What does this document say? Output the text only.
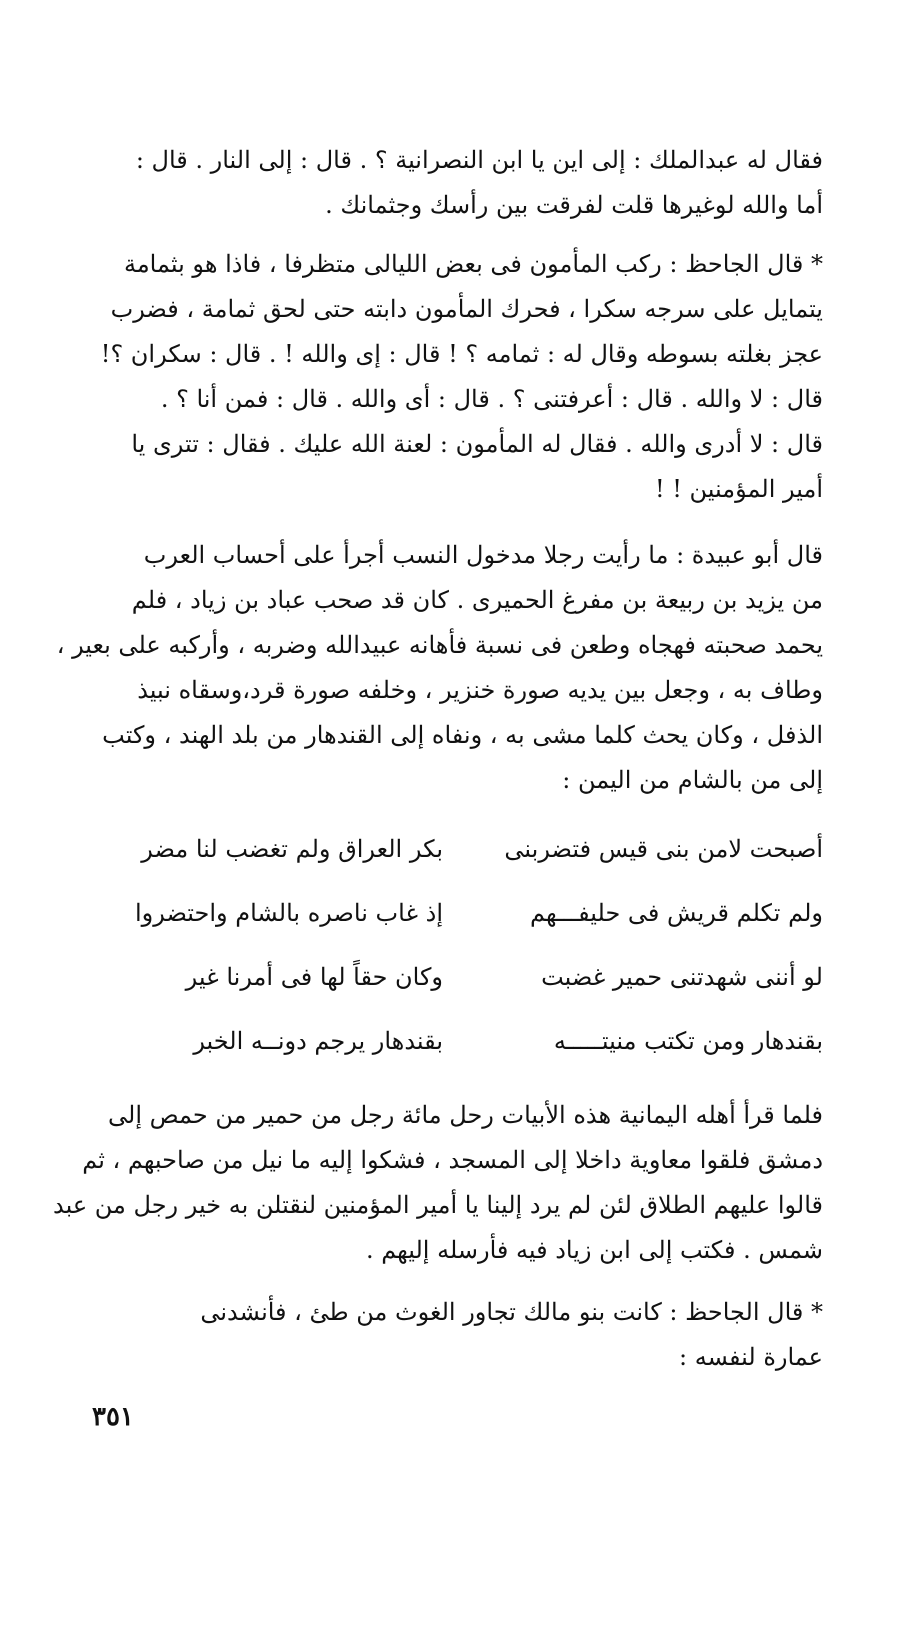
فقال له عبدالملك : إلى اين يا ابن النصرانية ؟ . قال : إلى النار . قال :
أما والله لوغيرها قلت لفرقت بين رأسك وجثمانك .
* قال الجاحظ : ركب المأمون فى بعض الليالى متظرفا ، فاذا هو بثمامة
يتمايل على سرجه سكرا ، فحرك المأمون دابته حتى لحق ثمامة ، فضرب
عجز بغلته بسوطه وقال له : ثمامه ؟ ! قال : إى والله ! . قال : سكران ؟!
قال : لا والله . قال : أعرفتنى ؟ . قال : أى والله . قال : فمن أنا ؟ .
قال : لا أدرى والله . فقال له المأمون : لعنة الله عليك . فقال : تترى يا
أمير المؤمنين ! !
قال أبو عبيدة : ما رأيت رجلا مدخول النسب أجرأ على أحساب العرب
من يزيد بن ربيعة بن مفرغ الحميرى . كان قد صحب عباد بن زياد ، فلم
يحمد صحبته فهجاه وطعن فى نسبة فأهانه عبيدالله وضربه ، وأركبه على بعير ،
وطاف به ، وجعل بين يديه صورة خنزير ، وخلفه صورة قرد،وسقاه نبيذ
الذفل ، وكان يحث كلما مشى به ، ونفاه إلى القندهار من بلد الهند ، وكتب
إلى من بالشام من اليمن :
أصبحت لامن بنى قيس فتضربنى
بكر العراق ولم تغضب لنا مضر
ولم تكلم قريش فى حليفـــهم
إذ غاب ناصره بالشام واحتضروا
لو أننى شهدتنى حمير غضبت
وكان حقاً لها فى أمرنا غير
بقندهار ومن تكتب منيتـــــه
بقندهار يرجم دونــه الخبر
فلما قرأ أهله اليمانية هذه الأبيات رحل مائة رجل من حمير من حمص إلى
دمشق فلقوا معاوية داخلا إلى المسجد ، فشكوا إليه ما نيل من صاحبهم ، ثم
قالوا عليهم الطلاق لئن لم يرد إلينا يا أمير المؤمنين لنقتلن به خير رجل من عبد
شمس . فكتب إلى ابن زياد فيه فأرسله إليهم .
* قال الجاحظ : كانت بنو مالك تجاور الغوث من طئ ، فأنشدنى
عمارة لنفسه :
٣٥١
